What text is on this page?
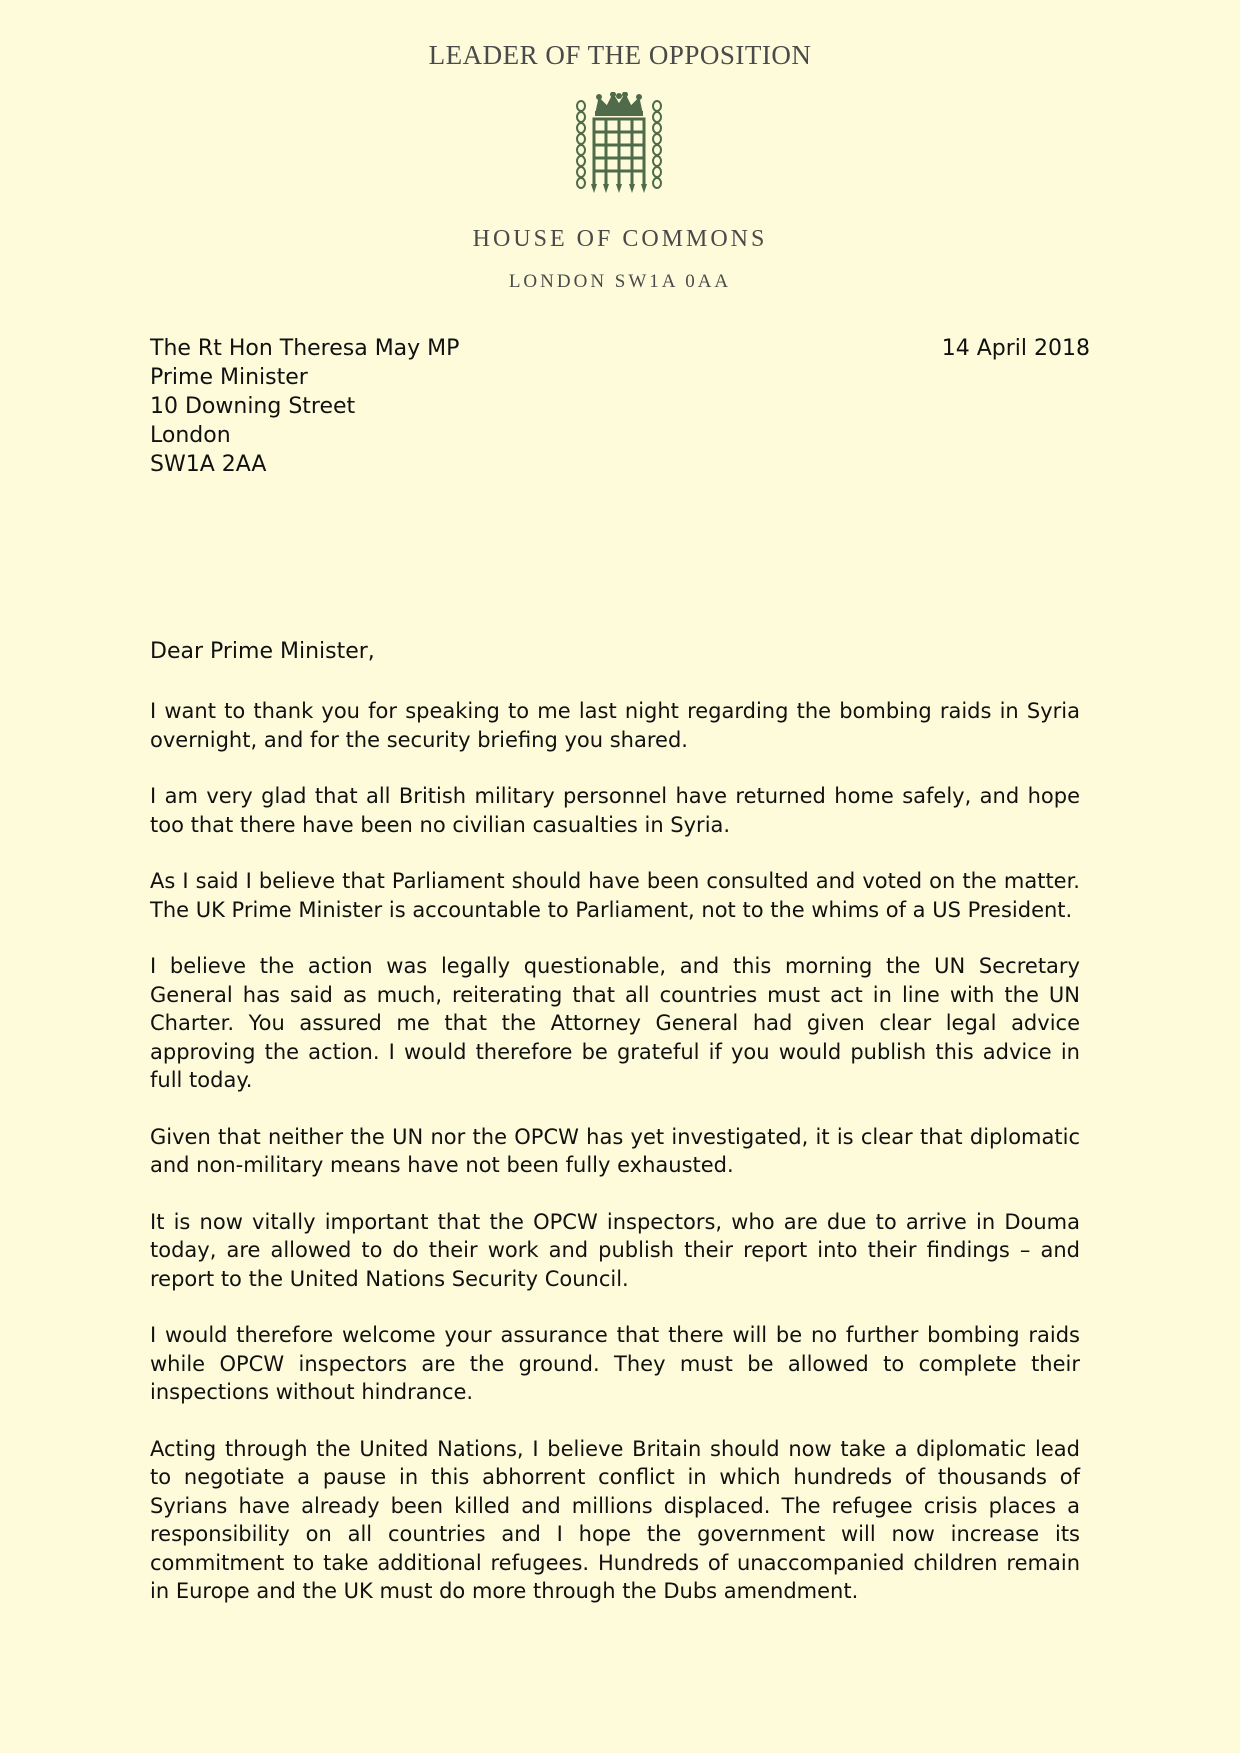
LEADER OF THE OPPOSITION
HOUSE OF COMMONS
LONDON SW1A 0AA
The Rt Hon Theresa May MP
Prime Minister
10 Downing Street
London
SW1A 2AA
14 April 2018
Dear Prime Minister,

I want to thank you for speaking to me last night regarding the bombing raids in Syria overnight, and for the security briefing you shared.

I am very glad that all British military personnel have returned home safely, and hope too that there have been no civilian casualties in Syria.

As I said I believe that Parliament should have been consulted and voted on the matter. The UK Prime Minister is accountable to Parliament, not to the whims of a US President.

I believe the action was legally questionable, and this morning the UN Secretary General has said as much, reiterating that all countries must act in line with the UN Charter. You assured me that the Attorney General had given clear legal advice approving the action. I would therefore be grateful if you would publish this advice in full today.

Given that neither the UN nor the OPCW has yet investigated, it is clear that diplomatic and non-military means have not been fully exhausted.

It is now vitally important that the OPCW inspectors, who are due to arrive in Douma today, are allowed to do their work and publish their report into their findings – and report to the United Nations Security Council.

I would therefore welcome your assurance that there will be no further bombing raids while OPCW inspectors are the ground. They must be allowed to complete their inspections without hindrance.

Acting through the United Nations, I believe Britain should now take a diplomatic lead to negotiate a pause in this abhorrent conflict in which hundreds of thousands of Syrians have already been killed and millions displaced. The refugee crisis places a responsibility on all countries and I hope the government will now increase its commitment to take additional refugees. Hundreds of unaccompanied children remain in Europe and the UK must do more through the Dubs amendment.
